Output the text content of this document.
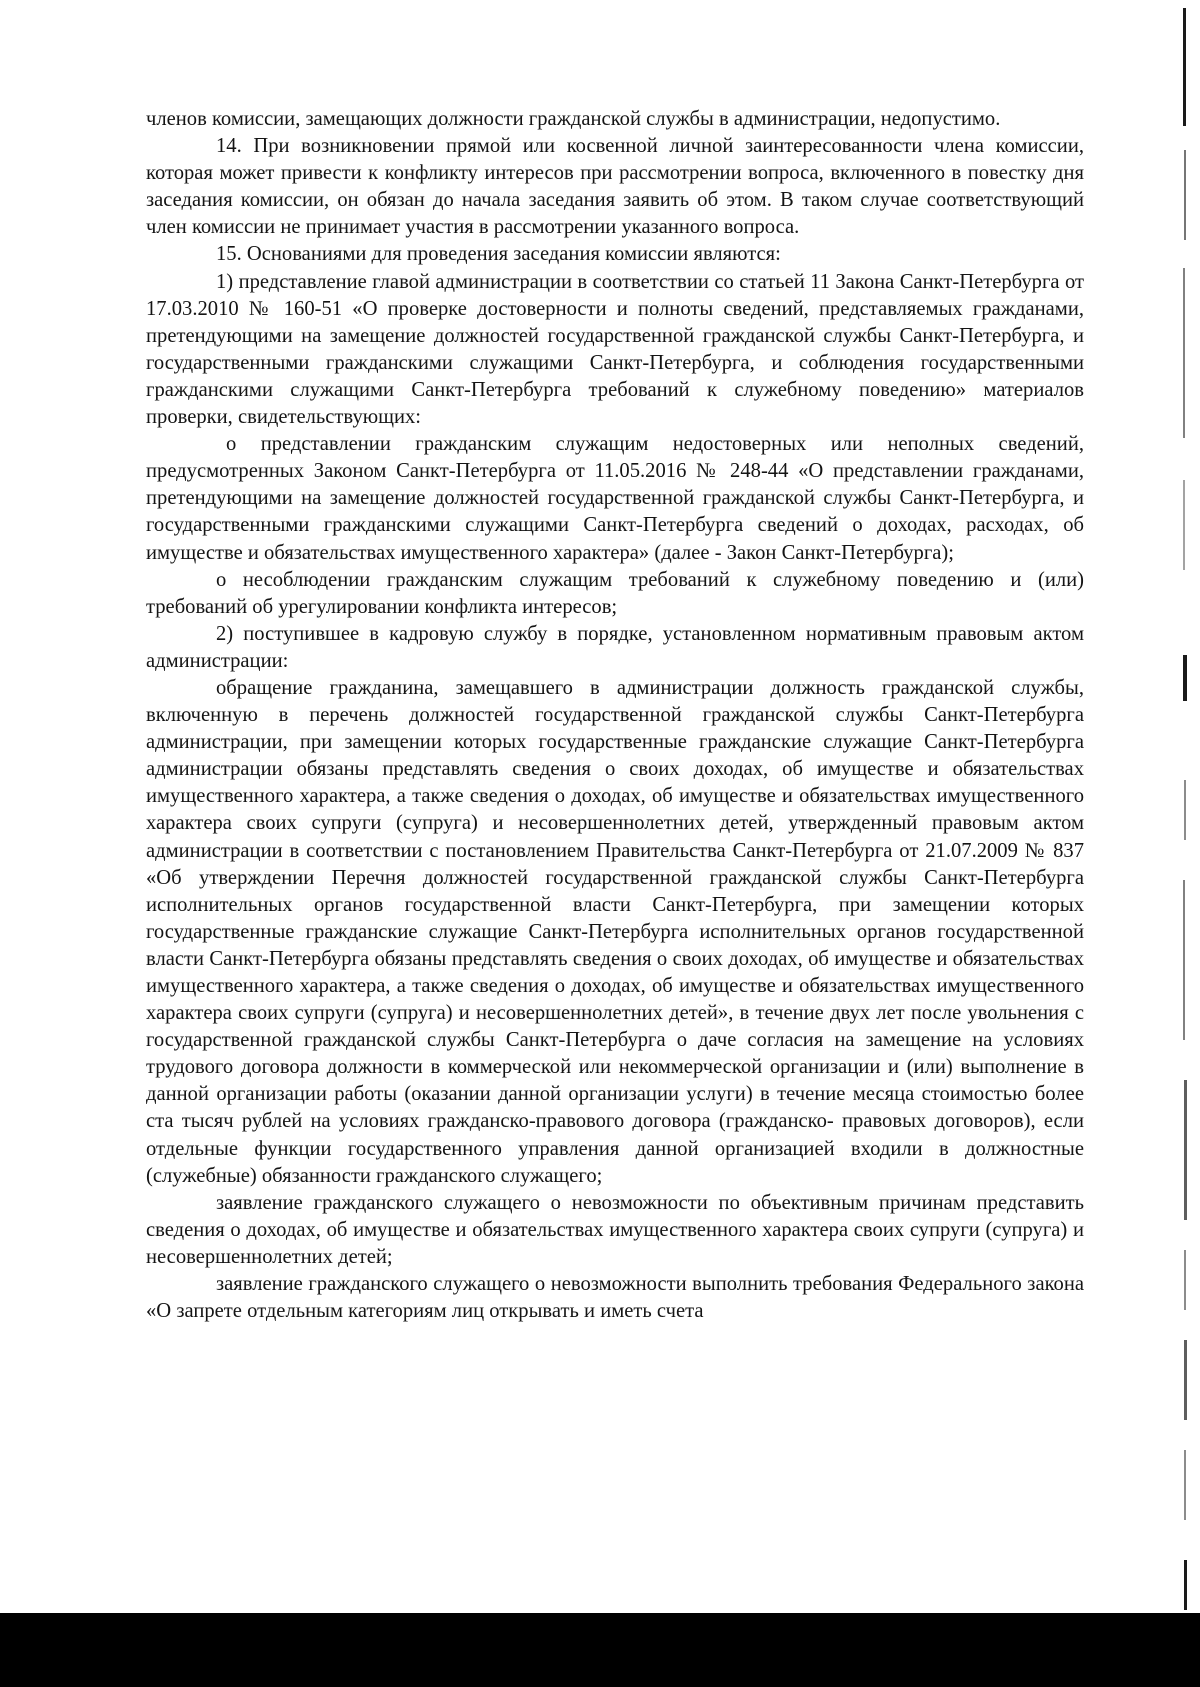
членов комиссии, замещающих должности гражданской службы в администрации, недопустимо.

14. При возникновении прямой или косвенной личной заинтересованности члена комиссии, которая может привести к конфликту интересов при рассмотрении вопроса, включенного в повестку дня заседания комиссии, он обязан до начала заседания заявить об этом. В таком случае соответствующий член комиссии не принимает участия в рассмотрении указанного вопроса.

15. Основаниями для проведения заседания комиссии являются:

1) представление главой администрации в соответствии со статьей 11 Закона Санкт-Петербурга от 17.03.2010 № 160-51 «О проверке достоверности и полноты сведений, представляемых гражданами, претендующими на замещение должностей государственной гражданской службы Санкт-Петербурга, и государственными гражданскими служащими Санкт-Петербурга, и соблюдения государственными гражданскими служащими Санкт-Петербурга требований к служебному поведению» материалов проверки, свидетельствующих:

о представлении гражданским служащим недостоверных или неполных сведений, предусмотренных Законом Санкт-Петербурга от 11.05.2016 № 248-44 «О представлении гражданами, претендующими на замещение должностей государственной гражданской службы Санкт-Петербурга, и государственными гражданскими служащими Санкт-Петербурга сведений о доходах, расходах, об имуществе и обязательствах имущественного характера» (далее - Закон Санкт-Петербурга);

о несоблюдении гражданским служащим требований к служебному поведению и (или) требований об урегулировании конфликта интересов;

2) поступившее в кадровую службу в порядке, установленном нормативным правовым актом администрации:

обращение гражданина, замещавшего в администрации должность гражданской службы, включенную в перечень должностей государственной гражданской службы Санкт-Петербурга администрации, при замещении которых государственные гражданские служащие Санкт-Петербурга администрации обязаны представлять сведения о своих доходах, об имуществе и обязательствах имущественного характера, а также сведения о доходах, об имуществе и обязательствах имущественного характера своих супруги (супруга) и несовершеннолетних детей, утвержденный правовым актом администрации в соответствии с постановлением Правительства Санкт-Петербурга от 21.07.2009 № 837 «Об утверждении Перечня должностей государственной гражданской службы Санкт-Петербурга исполнительных органов государственной власти Санкт-Петербурга, при замещении которых государственные гражданские служащие Санкт-Петербурга исполнительных органов государственной власти Санкт-Петербурга обязаны представлять сведения о своих доходах, об имуществе и обязательствах имущественного характера, а также сведения о доходах, об имуществе и обязательствах имущественного характера своих супруги (супруга) и несовершеннолетних детей», в течение двух лет после увольнения с государственной гражданской службы Санкт-Петербурга о даче согласия на замещение на условиях трудового договора должности в коммерческой или некоммерческой организации и (или) выполнение в данной организации работы (оказании данной организации услуги) в течение месяца стоимостью более ста тысяч рублей на условиях гражданско-правового договора (гражданско- правовых договоров), если отдельные функции государственного управления данной организацией входили в должностные (служебные) обязанности гражданского служащего;

заявление гражданского служащего о невозможности по объективным причинам представить сведения о доходах, об имуществе и обязательствах имущественного характера своих супруги (супруга) и несовершеннолетних детей;

заявление гражданского служащего о невозможности выполнить требования Федерального закона «О запрете отдельным категориям лиц открывать и иметь счета
